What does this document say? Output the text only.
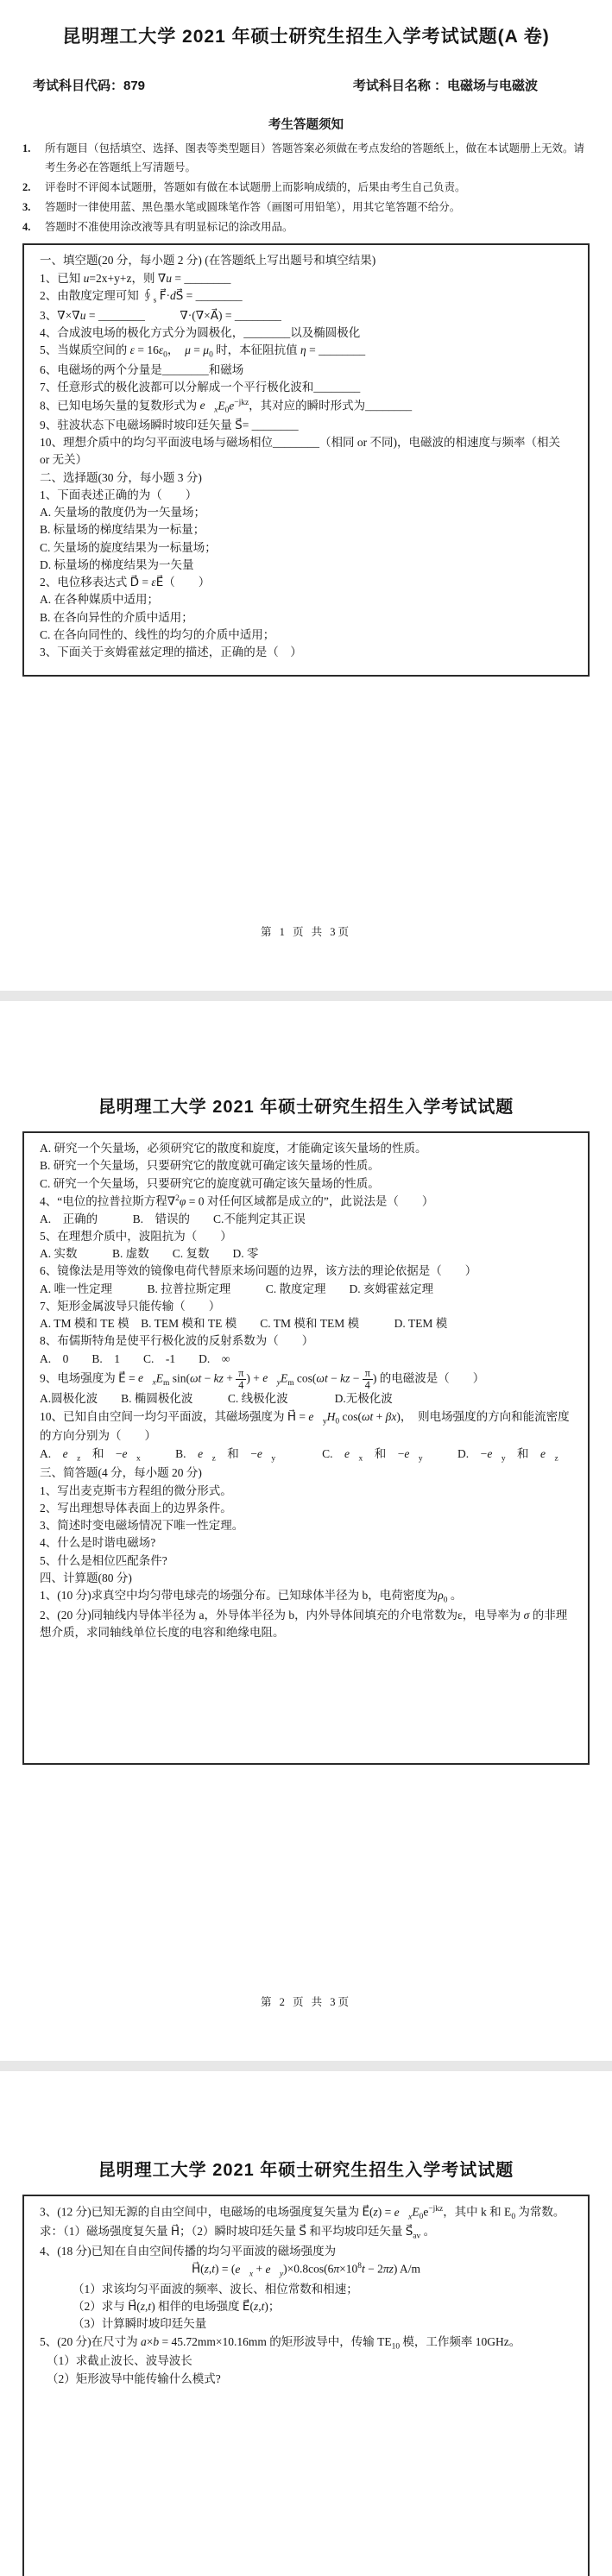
昆明理工大学 2021 年硕士研究生招生入学考试试题(A 卷)
考试科目代码：879	考试科目名称 ：电磁场与电磁波
考生答题须知
1.	所有题目（包括填空、选择、图表等类型题目）答题答案必须做在考点发给的答题纸上，做在本试题册上无效。请考生务必在答题纸上写清题号。
2.	评卷时不评阅本试题册，答题如有做在本试题册上而影响成绩的，后果由考生自己负责。
3.	答题时一律使用蓝、黑色墨水笔或圆珠笔作答（画图可用铅笔），用其它笔答题不给分。
4.	答题时不准使用涂改液等具有明显标记的涂改用品。

一、填空题(20 分，每小题 2 分) (在答题纸上写出题号和填空结果)

1、已知 u=2x+y+z，则 ∇u = ________

2、由散度定理可知 $∮_s$ F⃗·dS⃗ = ________

3、∇×∇u = ________　　　∇·(∇×A⃗) = ________

4、合成波电场的极化方式分为圆极化，________以及椭圆极化

5、当媒质空间的 $\varepsilon = 16\varepsilon_0$，　$\mu = \mu_0$ 时，本征阻抗值 η = ________

6、电磁场的两个分量是________和磁场

7、任意形式的极化波都可以分解成一个平行极化波和________

8、已知电场矢量的复数形式为 $e⃗_xE_0e^{-jkz}$，其对应的瞬时形式为________

9、驻波状态下电磁场瞬时坡印廷矢量 S⃗= ________

10、理想介质中的均匀平面波电场与磁场相位________（相同 or 不同)，电磁波的相速度与频率（相关 or 无关）

二、选择题(30 分，每小题 3 分)

1、下面表述正确的为（　　）

A. 矢量场的散度仍为一矢量场；

B. 标量场的梯度结果为一标量；

C. 矢量场的旋度结果为一标量场；

D. 标量场的梯度结果为一矢量

2、电位移表达式 D⃗ = εE⃗（　　）

A. 在各种媒质中适用；

B. 在各向异性的介质中适用；

C. 在各向同性的、线性的均匀的介质中适用；

3、下面关于亥姆霍兹定理的描述，正确的是（　）

第 1 页 共 3页
昆明理工大学 2021 年硕士研究生招生入学考试试题

A. 研究一个矢量场，必须研究它的散度和旋度，才能确定该矢量场的性质。

B. 研究一个矢量场，只要研究它的散度就可确定该矢量场的性质。

C. 研究一个矢量场，只要研究它的旋度就可确定该矢量场的性质。

4、“电位的拉普拉斯方程∇$^2$φ = 0 对任何区域都是成立的”，此说法是（　　）

A.　正确的　　　B.　错误的　　C.不能判定其正误

5、在理想介质中，波阻抗为（　　）

A. 实数　　　B. 虚数　　C. 复数　　D. 零

6、镜像法是用等效的镜像电荷代替原来场问题的边界，该方法的理论依据是（　　）

A. 唯一性定理　　　B. 拉普拉斯定理　　　C. 散度定理　　D. 亥姆霍兹定理

7、矩形金属波导只能传输（　　）

A. TM 模和 TE 模　B. TEM 模和 TE 模　　C. TM 模和 TEM 模　　　D. TEM 模

8、布儒斯特角是使平行极化波的反射系数为（　　）

A.　0　　B.　1　　C.　-1　　D.　∞

9、电场强度为 E⃗ = $e⃗_xE_m$ sin(ωt − kz + $\frac{\pi}{4}$ ) + $e⃗_yE_m$ cos(ωt − kz − $\frac{\pi}{4}$ ) 的电磁波是（　　）

A.圆极化波　　B. 椭圆极化波　　　C. 线极化波　　　　D.无极化波

10、已知自由空间一均匀平面波，其磁场强度为 H⃗ = $e⃗_yH_0$ cos(ωt + βx)，　则电场强度的方向和能流密度的方向分别为（　　）

A.　$e⃗_z$　和　$-e⃗_x$　　　B.　$e⃗_z$　和　$-e⃗_y$　　　　C.　$e⃗_x$　和　$-e⃗_y$　　　D.　$-e⃗_y$　和　$e⃗_z$

三、简答题(4 分，每小题 20 分)

1、写出麦克斯韦方程组的微分形式。

2、写出理想导体表面上的边界条件。

3、简述时变电磁场情况下唯一性定理。

4、什么是时谐电磁场?

5、什么是相位匹配条件?

四、计算题(80 分)

1、(10 分)求真空中均匀带电球壳的场强分布。已知球体半径为 b，电荷密度为$\rho_0$ 。

2、(20 分)同轴线内导体半径为 a，外导体半径为 b，内外导体间填充的介电常数为ε，电导率为 σ 的非理想介质，求同轴线单位长度的电容和绝缘电阻。

第 2 页 共 3页
昆明理工大学 2021 年硕士研究生招生入学考试试题

3、(12 分)已知无源的自由空间中，电磁场的电场强度复矢量为 E⃗(z) = $e⃗_xE_0e^{-jkz}$，其中 k 和 $E_0$ 为常数。求：（1）磁场强度复矢量 H⃗；（2）瞬时坡印廷矢量 S⃗ 和平均坡印廷矢量 $S⃗_{av}$ 。

4、(18 分)已知在自由空间传播的均匀平面波的磁场强度为

H⃗(z,t) = ($e⃗_x$ + $e⃗_y)\times 0.8\cos(6\pi\times 10^8t - 2\pi z)$ A/m

（1）求该均匀平面波的频率、波长、相位常数和相速；

（2）求与 H⃗(z,t) 相伴的电场强度 E⃗(z,t)；

（3）计算瞬时坡印廷矢量

5、(20 分)在尺寸为 a×b = 45.72mm×10.16mm 的矩形波导中，传输 $TE_{10}$ 模，工作频率 10GHz。

（1）求截止波长、波导波长

（2）矩形波导中能传输什么模式?
